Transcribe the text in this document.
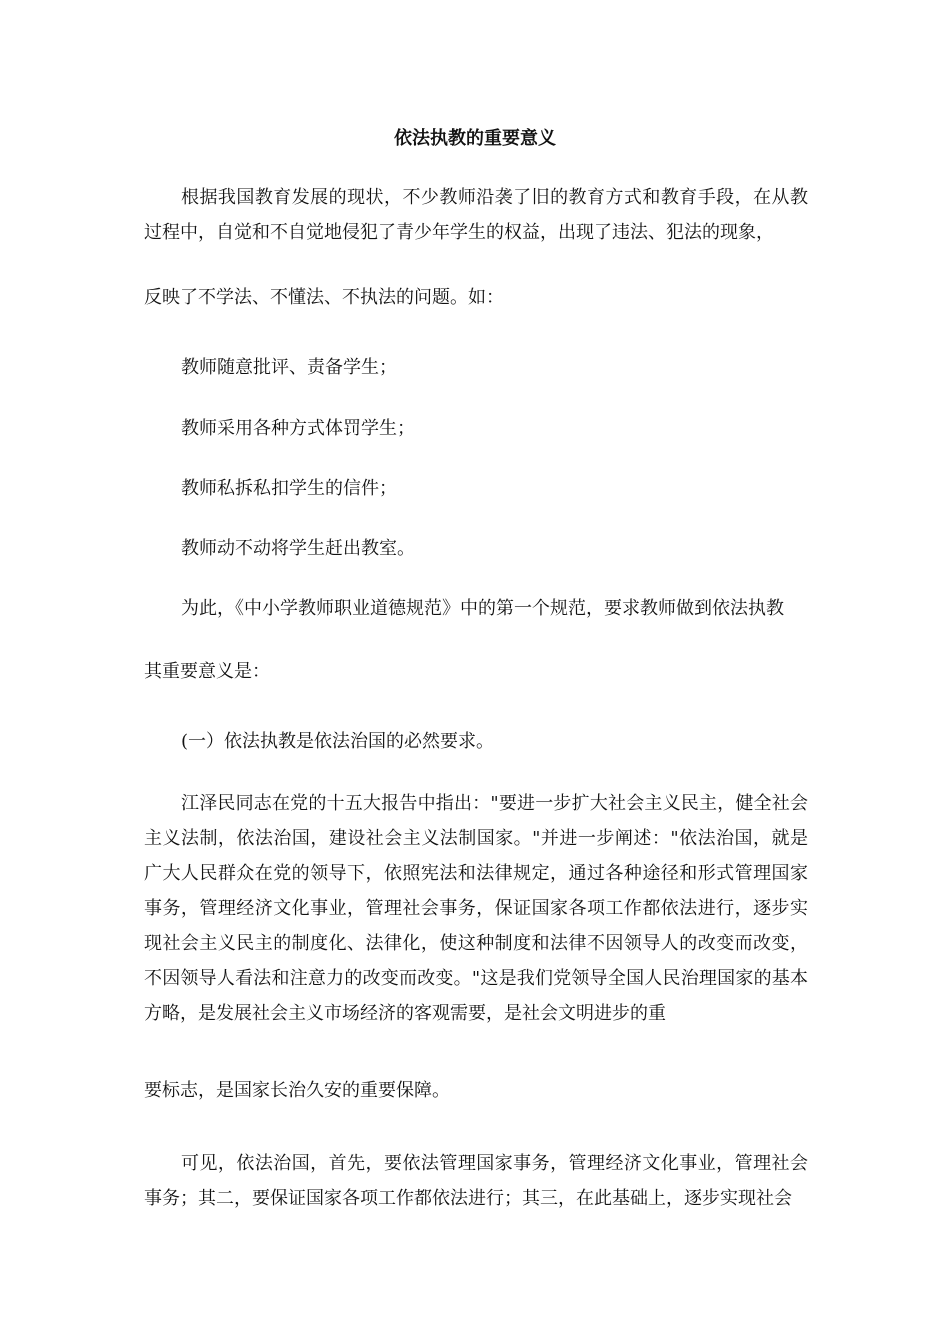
依法执教的重要意义
根据我国教育发展的现状，不少教师沿袭了旧的教育方式和教育手段，在从教过程中，自觉和不自觉地侵犯了青少年学生的权益，出现了违法、犯法的现象，
反映了不学法、不懂法、不执法的问题。如：
教师随意批评、责备学生；
教师采用各种方式体罚学生；
教师私拆私扣学生的信件；
教师动不动将学生赶出教室。
为此，《中小学教师职业道德规范》中的第一个规范，要求教师做到依法执教
其重要意义是：
(一）依法执教是依法治国的必然要求。
江泽民同志在党的十五大报告中指出："要进一步扩大社会主义民主，健全社会主义法制，依法治国，建设社会主义法制国家。"并进一步阐述："依法治国，就是广大人民群众在党的领导下，依照宪法和法律规定，通过各种途径和形式管理国家事务，管理经济文化事业，管理社会事务，保证国家各项工作都依法进行，逐步实现社会主义民主的制度化、法律化，使这种制度和法律不因领导人的改变而改变，不因领导人看法和注意力的改变而改变。"这是我们党领导全国人民治理国家的基本方略，是发展社会主义市场经济的客观需要，是社会文明进步的重
要标志，是国家长治久安的重要保障。
可见，依法治国，首先，要依法管理国家事务，管理经济文化事业，管理社会事务；其二，要保证国家各项工作都依法进行；其三，在此基础上，逐步实现社会
